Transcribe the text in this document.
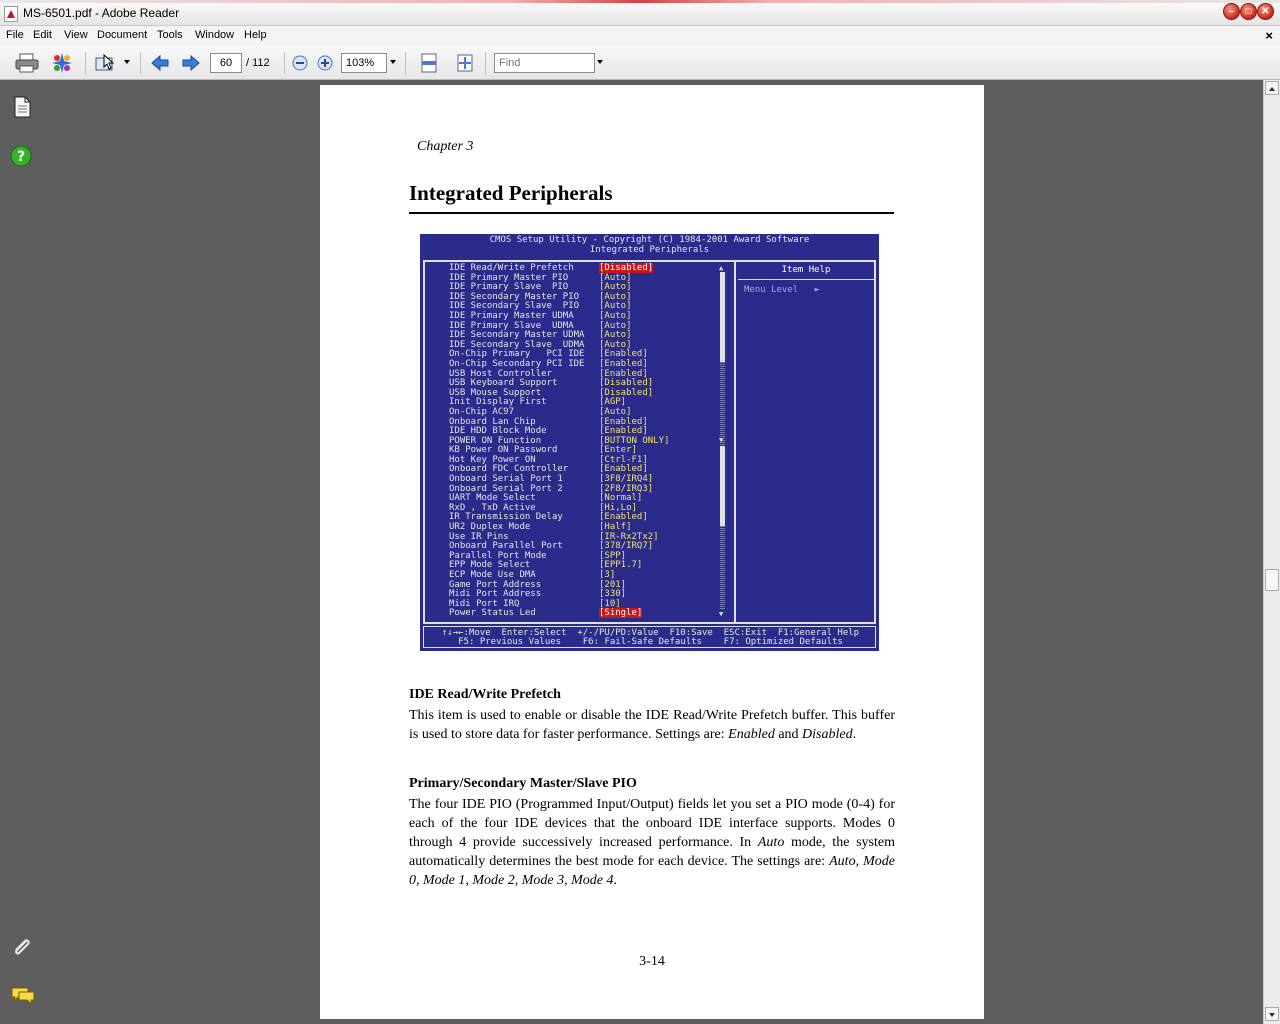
MS-6501.pdf - Adobe Reader	–	□ ✕
File Edit View Document Tools Window Help	×
60
/ 112
103%
Find
?
Chapter 3
Integrated Peripherals
CMOS Setup Utility - Copyright (C) 1984-2001 Award Software
Integrated Peripherals
IDE Read/Write Prefetch	[Disabled]
IDE Primary Master PIO	[Auto]
IDE Primary Slave  PIO	[Auto]
IDE Secondary Master PIO [Auto]
IDE Secondary Slave  PIO [Auto]
IDE Primary Master UDMA	[Auto]
IDE Primary Slave  UDMA	[Auto]
IDE Secondary Master UDMA [Auto]
IDE Secondary Slave  UDMA [Auto]
On-Chip Primary   PCI IDE [Enabled]
On-Chip Secondary PCI IDE [Enabled]
USB Host Controller	[Enabled]
USB Keyboard Support	[Disabled]
USB Mouse Support	[Disabled]
Init Display First	[AGP]
On-Chip AC97	[Auto]
Onboard Lan Chip	[Enabled]
IDE HDD Block Mode	[Enabled]
POWER ON Function	[BUTTON ONLY]
KB Power ON Password	[Enter]
Hot Key Power ON	[Ctrl-F1]
Onboard FDC Controller	[Enabled]
Onboard Serial Port 1	[3F8/IRQ4]
Onboard Serial Port 2	[2F8/IRQ3]
UART Mode Select	[Normal]
RxD , TxD Active	[Hi,Lo]
IR Transmission Delay	[Enabled]
UR2 Duplex Mode	[Half]
Use IR Pins	[IR-Rx2Tx2]
Onboard Parallel Port	[378/IRQ7]
Parallel Port Mode	[SPP]
EPP Mode Select	[EPP1.7]
ECP Mode Use DMA	[3]
Game Port Address	[201]
Midi Port Address	[330]
Midi Port IRQ	[10]
Power Status Led	[Single]
▲
▼
▼
Item Help
Menu Level   ►
↑↓→←:Move  Enter:Select  +/-/PU/PD:Value  F10:Save  ESC:Exit  F1:General Help
F5: Previous Values    F6: Fail-Safe Defaults    F7: Optimized Defaults
IDE Read/Write Prefetch
This item is used to enable or disable the IDE Read/Write Prefetch buffer. This buffer is used to store data for faster performance. Settings are: Enabled and Disabled.
Primary/Secondary Master/Slave PIO
The four IDE PIO (Programmed Input/Output) fields let you set a PIO mode (0-4) for each of the four IDE devices that the onboard IDE interface supports. Modes 0 through 4 provide successively increased performance. In Auto mode, the system automatically determines the best mode for each device. The settings are: Auto, Mode 0, Mode 1, Mode 2, Mode 3, Mode 4.
3-14
